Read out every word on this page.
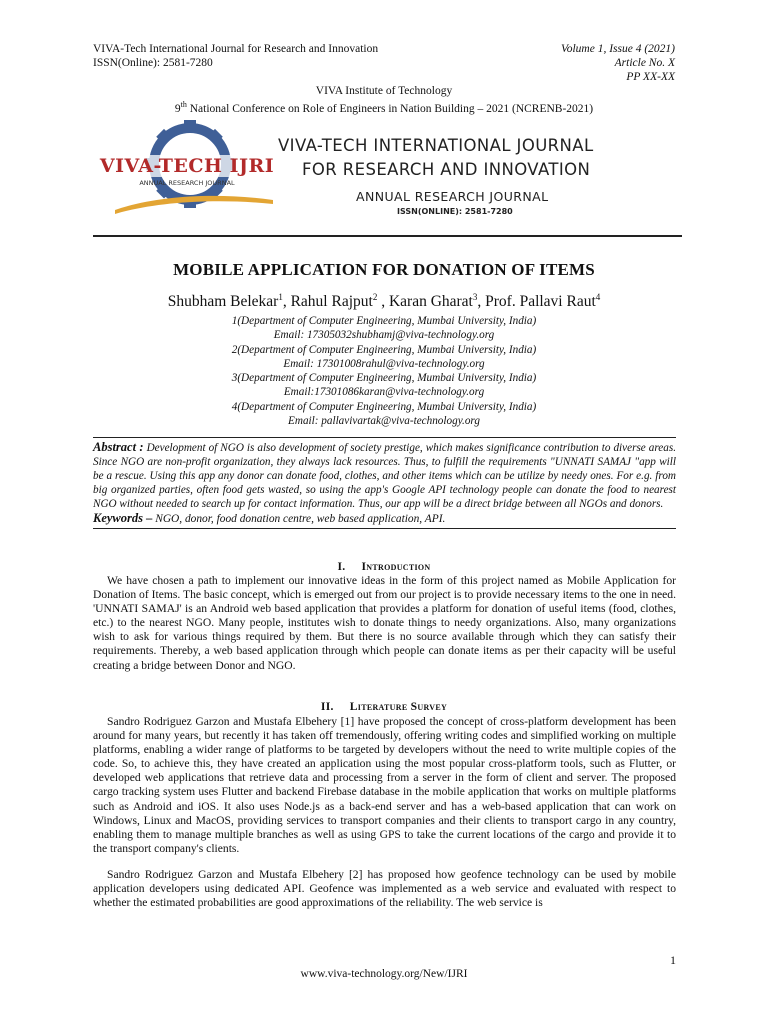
VIVA-Tech International Journal for Research and Innovation
ISSN(Online): 2581-7280
Volume 1, Issue 4 (2021)
Article No. X
PP XX-XX
VIVA Institute of Technology
9th National Conference on Role of Engineers in Nation Building – 2021 (NCRENB-2021)
VIVA-TECH IJRI
ANNUAL RESEARCH JOURNAL
VIVA-TECH INTERNATIONAL JOURNAL
FOR RESEARCH AND INNOVATION
ANNUAL RESEARCH JOURNAL
ISSN(ONLINE): 2581-7280
MOBILE APPLICATION FOR DONATION OF ITEMS
Shubham Belekar$^1$, Rahul Rajput$^2$ , Karan Gharat$^3$, Prof. Pallavi Raut$^4$
1(Department of Computer Engineering, Mumbai University, India)
Email: 17305032shubhamj@viva-technology.org
2(Department of Computer Engineering, Mumbai University, India)
Email: 17301008rahul@viva-technology.org
3(Department of Computer Engineering, Mumbai University, India)
Email:17301086karan@viva-technology.org
4(Department of Computer Engineering, Mumbai University, India)
Email: pallavivartak@viva-technology.org
Abstract : Development of NGO is also development of society prestige, which makes significance contribution to diverse areas. Since NGO are non-profit organization, they always lack resources. Thus, to fulfill the requirements "UNNATI SAMAJ "app will be a rescue. Using this app any donor can donate food, clothes, and other items which can be utilize by needy ones. For e.g. from big organized parties, often food gets wasted, so using the app's Google API technology people can donate the food to nearest NGO without needed to search up for contact information. Thus, our app will be a direct bridge between all NGOs and donors.
Keywords – NGO, donor, food donation centre, web based application, API.
I. Introduction

We have chosen a path to implement our innovative ideas in the form of this project named as Mobile Application for Donation of Items. The basic concept, which is emerged out from our project is to provide necessary items to the one in need. 'UNNATI SAMAJ' is an Android web based application that provides a platform for donation of useful items (food, clothes, etc.) to the nearest NGO. Many people, institutes wish to donate things to needy organizations. Also, many organizations wish to ask for various things required by them. But there is no source available through which they can satisfy their requirements. Thereby, a web based application through which people can donate items as per their capacity will be useful creating a bridge between Donor and NGO.

II. Literature Survey

Sandro Rodriguez Garzon and Mustafa Elbehery [1] have proposed the concept of cross-platform development has been around for many years, but recently it has taken off tremendously, offering writing codes and simplified working on multiple platforms, enabling a wider range of platforms to be targeted by developers without the need to write multiple copies of the code. So, to achieve this, they have created an application using the most popular cross-platform tools, such as Flutter, or developed web applications that retrieve data and processing from a server in the form of client and server. The proposed cargo tracking system uses Flutter and backend Firebase database in the mobile application that works on multiple platforms such as Android and iOS. It also uses Node.js as a back-end server and has a web-based application that can work on Windows, Linux and MacOS, providing services to transport companies and their clients to transport cargo in any country, enabling them to manage multiple branches as well as using GPS to take the current locations of the cargo and provide it to the transport company's clients.

Sandro Rodriguez Garzon and Mustafa Elbehery [2] has proposed how geofence technology can be used by mobile application developers using dedicated API. Geofence was implemented as a web service and evaluated with respect to whether the estimated probabilities are good approximations of the reliability. The web service is

1
www.viva-technology.org/New/IJRI
